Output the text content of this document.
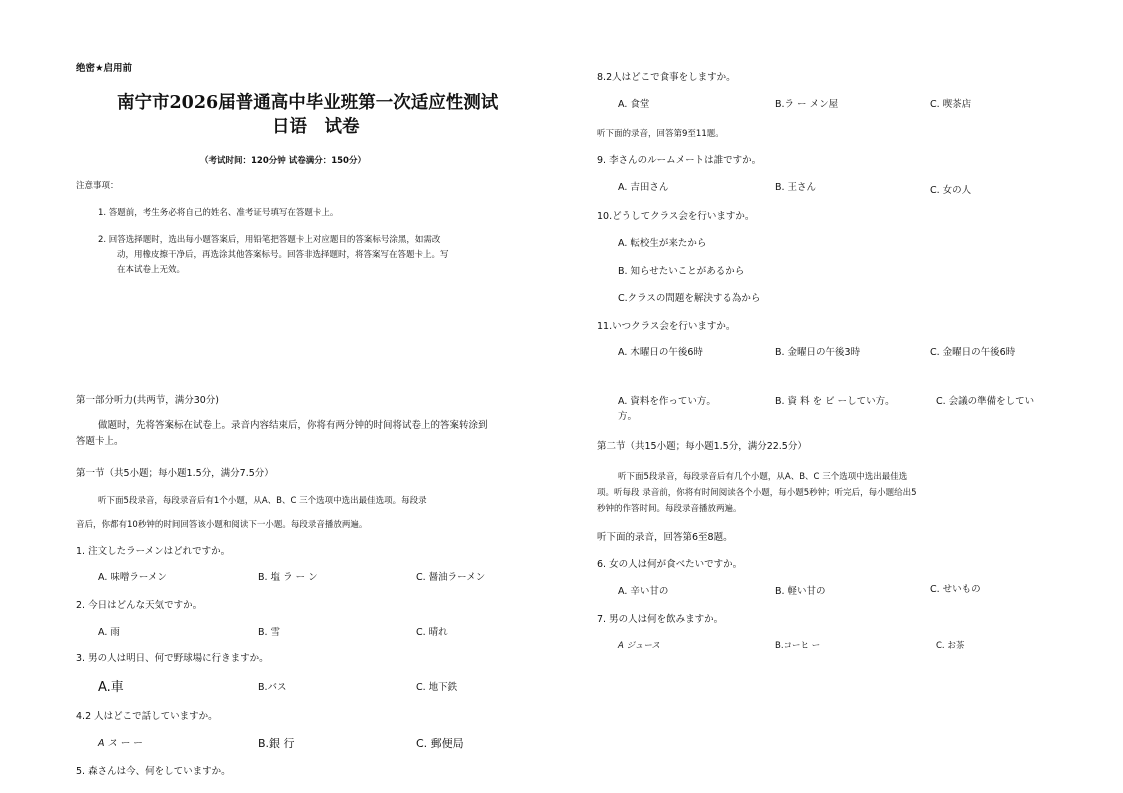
绝密★启用前
南宁市2026届普通高中毕业班第一次适应性测试
日语　试卷
（考试时间：120分钟 试卷满分：150分）
注意事项：
1. 答题前，考生务必将自己的姓名、准考证号填写在答题卡上。
2. 回答选择题时，选出每小题答案后，用铅笔把答题卡上对应题目的答案标号涂黑，如需改
动，用橡皮擦干净后，再选涂其他答案标号。回答非选择题时，将答案写在答题卡上。写
在本试卷上无效。
第一部分听力(共两节，满分30分)
做题时，先将答案标在试卷上。录音内容结束后，你将有两分钟的时间将试卷上的答案转涂到
答题卡上。
第一节（共5小题；每小题1.5分，满分7.5分）
听下面5段录音，每段录音后有1个小题，从A、B、C 三个选项中选出最佳选项。每段录
音后，你都有10秒钟的时间回答该小题和阅读下一小题。每段录音播放两遍。
1. 注文したラーメンはどれですか。
A. 味噌ラーメン	B. 塩 ラ ー ン	C. 醤油ラーメン
2. 今日はどんな天気ですか。
A. 雨	B. 雪	C. 晴れ
3. 男の人は明日、何で野球場に行きますか。
A.車	B.バス	C. 地下鉄
4.2 人はどこで話していますか。
A ス ー ー	B.銀 行	C. 郵便局
5. 森さんは今、何をしていますか。
8.2人はどこで食事をしますか。
A. 食堂	B.ラ ー メン屋	C. 喫茶店
听下面的录音，回答第9至11题。
9. 李さんのルームメートは誰ですか。
A. 吉田さん	B. 王さん	C. 女の人
10.どうしてクラス会を行いますか。
A. 転校生が来たから
B. 知らせたいことがあるから
C.クラスの問題を解決する為から
11.いつクラス会を行いますか。
A. 木曜日の午後6時	B. 金曜日の午後3時	C. 金曜日の午後6時
A. 資料を作ってい方。	B. 資 料 を ビ ーしてい方。	C. 会議の準備をしてい
方。
第二节（共15小题；每小题1.5分，满分22.5分）
听下面5段录音，每段录音后有几个小题，从A、B、C 三个选项中选出最佳选
项。听每段 录音前，你将有时间阅读各个小题，每小题5秒钟；听完后，每小题给出5
秒钟的作答时间。每段录音播放两遍。
听下面的录音，回答第6至8题。
6. 女の人は何が食べたいですか。
A. 辛い甘の	B. 軽い甘の	C. せいもの
7. 男の人は何を飲みますか。
A ジュース	B.コーヒ ー	C. お茶
